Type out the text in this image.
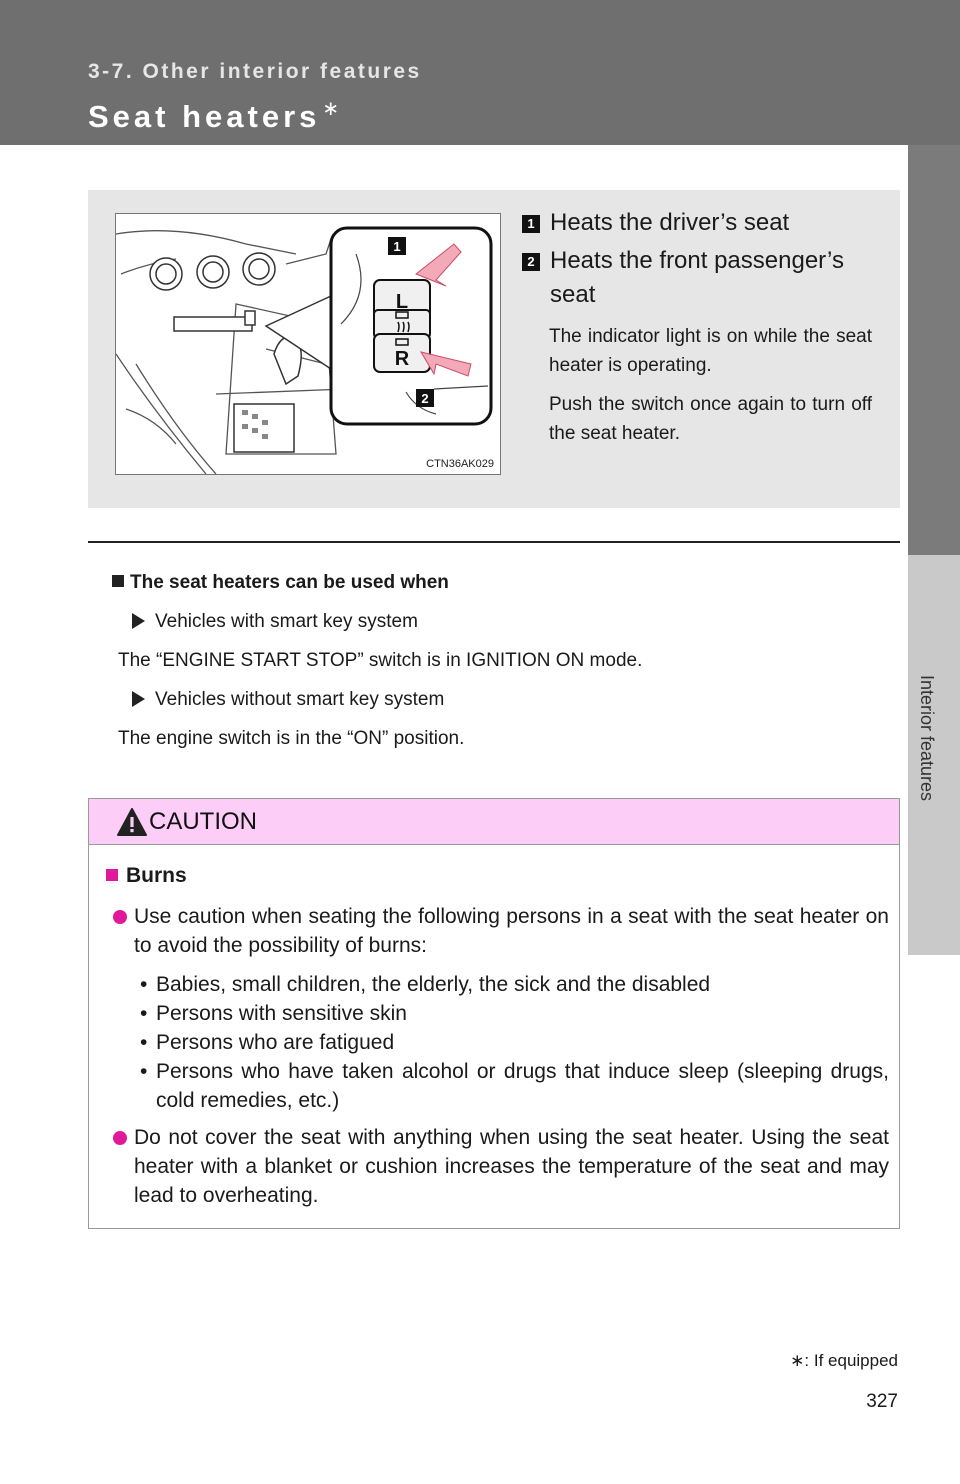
3-7. Other interior features
Seat heaters ∗
Interior features
L
R
1
2
CTN36AK029
1 Heats the driver’s seat
2 Heats the front passenger’s seat

The indicator light is on while the seat heater is operating.

Push the switch once again to turn off the seat heater.

The seat heaters can be used when
Vehicles with smart key system
The “ENGINE START STOP” switch is in IGNITION ON mode.
Vehicles without smart key system
The engine switch is in the “ON” position.
CAUTION
Burns
Use caution when seating the following persons in a seat with the seat heater on to avoid the possibility of burns:
• Babies, small children, the elderly, the sick and the disabled
• Persons with sensitive skin
• Persons who are fatigued
• Persons who have taken alcohol or drugs that induce sleep (sleeping drugs, cold remedies, etc.)
Do not cover the seat with anything when using the seat heater. Using the seat heater with a blanket or cushion increases the temperature of the seat and may lead to overheating.
∗: If equipped
327
